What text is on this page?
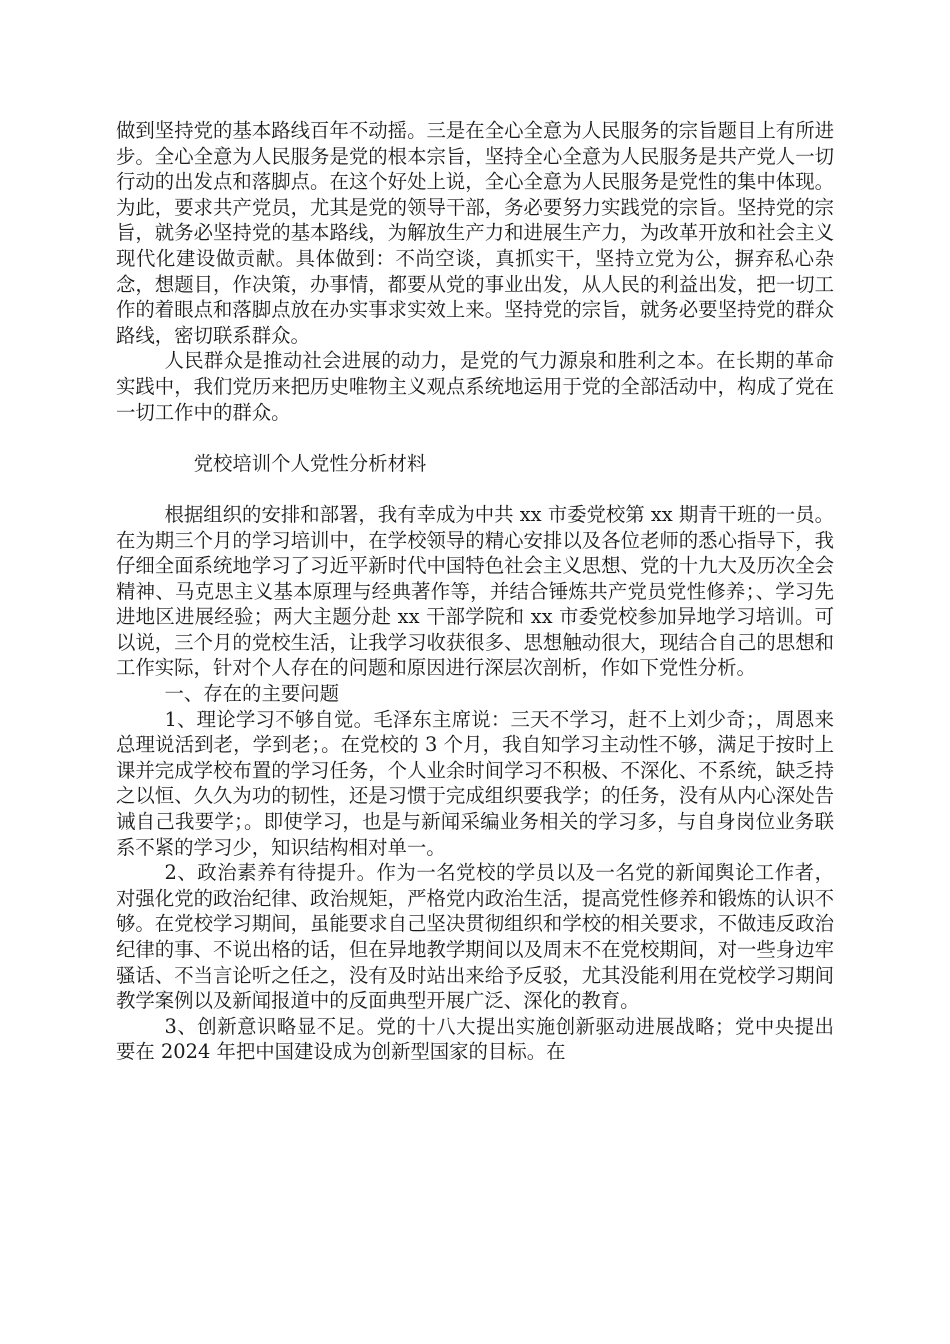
做到坚持党的基本路线百年不动摇。三是在全心全意为人民服务的宗旨题目上有所进步。全心全意为人民服务是党的根本宗旨，坚持全心全意为人民服务是共产党人一切行动的出发点和落脚点。在这个好处上说，全心全意为人民服务是党性的集中体现。为此，要求共产党员，尤其是党的领导干部，务必要努力实践党的宗旨。坚持党的宗旨，就务必坚持党的基本路线，为解放生产力和进展生产力，为改革开放和社会主义现代化建设做贡献。具体做到：不尚空谈，真抓实干，坚持立党为公，摒弃私心杂念，想题目，作决策，办事情，都要从党的事业出发，从人民的利益出发，把一切工作的着眼点和落脚点放在办实事求实效上来。坚持党的宗旨，就务必要坚持党的群众路线，密切联系群众。

人民群众是推动社会进展的动力，是党的气力源泉和胜利之本。在长期的革命实践中，我们党历来把历史唯物主义观点系统地运用于党的全部活动中，构成了党在一切工作中的群众。

党校培训个人党性分析材料

根据组织的安排和部署，我有幸成为中共 xx 市委党校第 xx 期青干班的一员。在为期三个月的学习培训中，在学校领导的精心安排以及各位老师的悉心指导下，我仔细全面系统地学习了习近平新时代中国特色社会主义思想、党的十九大及历次全会精神、马克思主义基本原理与经典著作等，并结合锤炼共产党员党性修养；、学习先进地区进展经验；两大主题分赴 xx 干部学院和 xx 市委党校参加异地学习培训。可以说，三个月的党校生活，让我学习收获很多、思想触动很大，现结合自己的思想和工作实际，针对个人存在的问题和原因进行深层次剖析，作如下党性分析。

一、存在的主要问题

1、理论学习不够自觉。毛泽东主席说：三天不学习，赶不上刘少奇；，周恩来总理说活到老，学到老；。在党校的 3 个月，我自知学习主动性不够，满足于按时上课并完成学校布置的学习任务，个人业余时间学习不积极、不深化、不系统，缺乏持之以恒、久久为功的韧性，还是习惯于完成组织要我学；的任务，没有从内心深处告诫自己我要学；。即使学习，也是与新闻采编业务相关的学习多，与自身岗位业务联系不紧的学习少，知识结构相对单一。

2、政治素养有待提升。作为一名党校的学员以及一名党的新闻舆论工作者，对强化党的政治纪律、政治规矩，严格党内政治生活，提高党性修养和锻炼的认识不够。在党校学习期间，虽能要求自己坚决贯彻组织和学校的相关要求，不做违反政治纪律的事、不说出格的话，但在异地教学期间以及周末不在党校期间，对一些身边牢骚话、不当言论听之任之，没有及时站出来给予反驳，尤其没能利用在党校学习期间教学案例以及新闻报道中的反面典型开展广泛、深化的教育。

3、创新意识略显不足。党的十八大提出实施创新驱动进展战略；党中央提出要在 2024 年把中国建设成为创新型国家的目标。在
